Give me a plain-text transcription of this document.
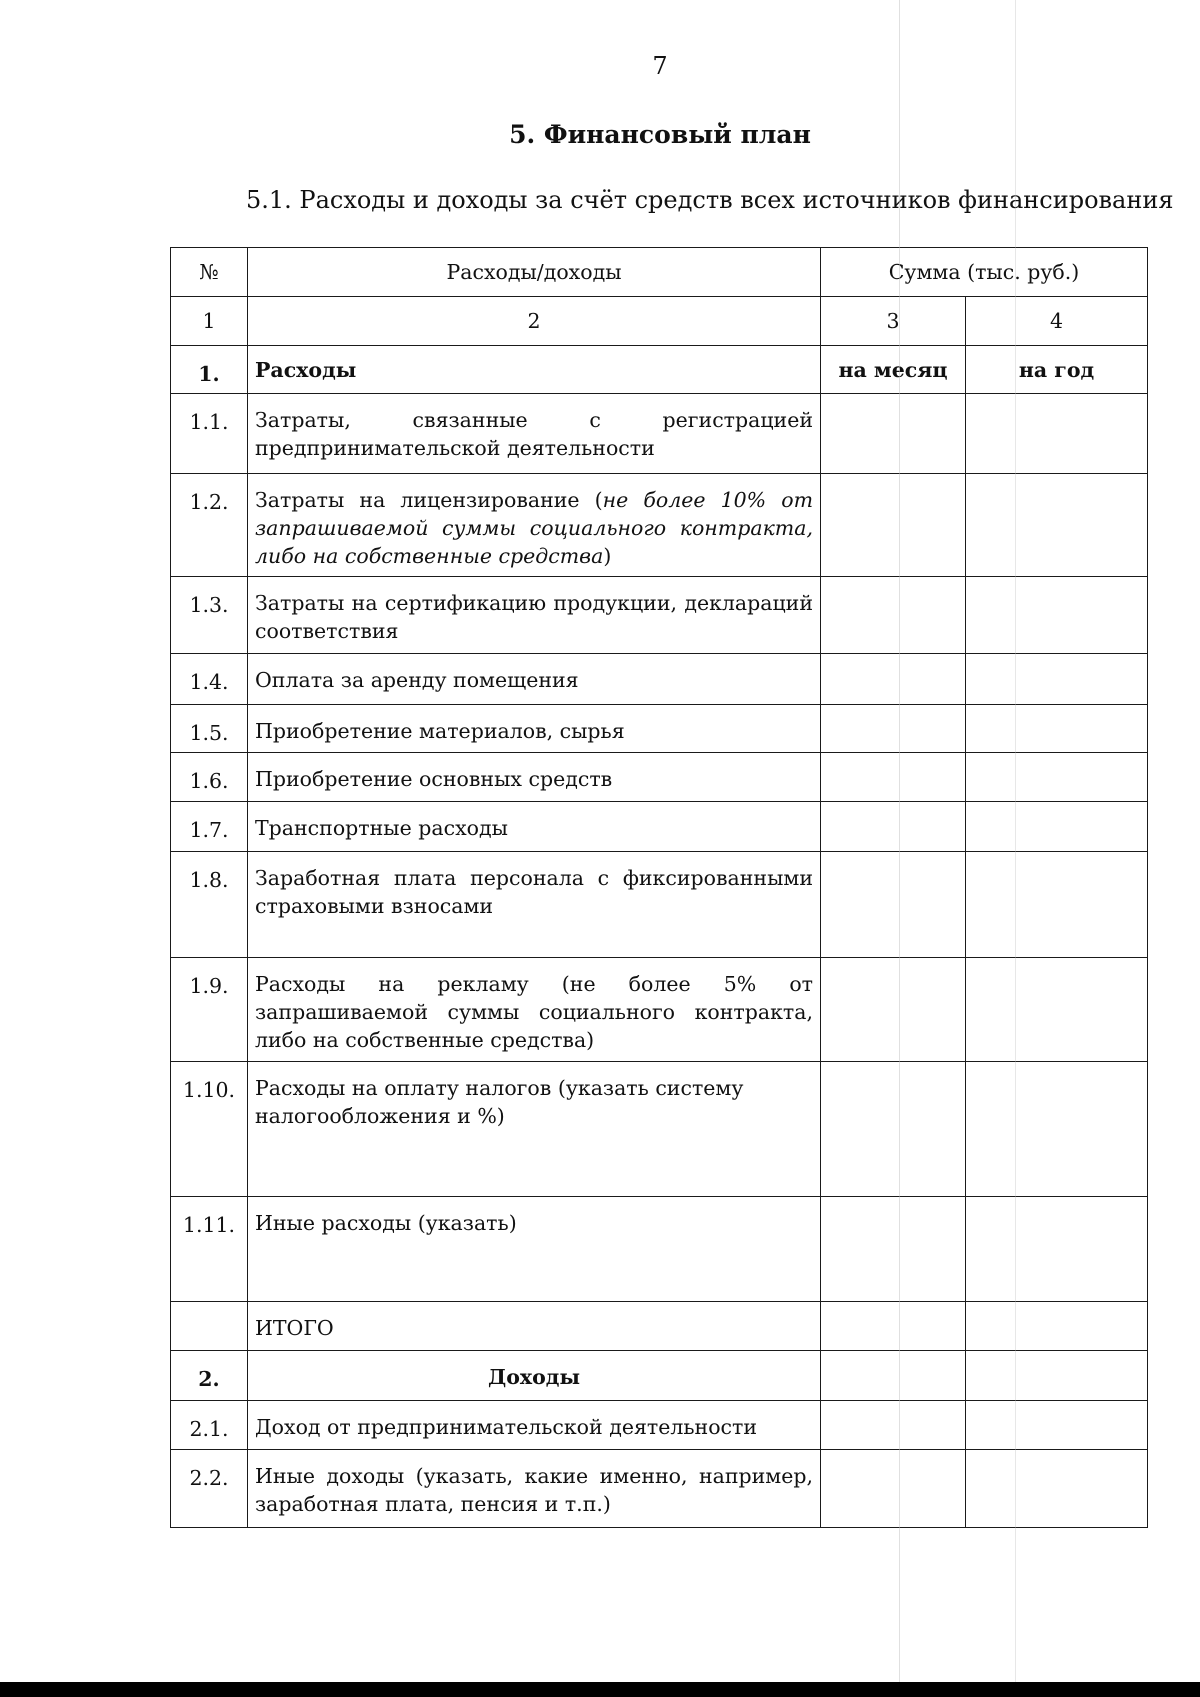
7
5. Финансовый план
5.1. Расходы и доходы за счёт средств всех источников финансирования
№	Расходы/доходы	Сумма (тыс. руб.)	
1	2	3	4
1.	Расходы	на месяц	на год
1.1.	Затраты, связанные с регистрацией предпринимательской деятельности		
1.2.	Затраты на лицензирование (не более 10% от запрашиваемой суммы социального контракта, либо на собственные средства)		
1.3.	Затраты на сертификацию продукции, деклараций соответствия		
1.4.	Оплата за аренду помещения		
1.5.	Приобретение материалов, сырья		
1.6.	Приобретение основных средств		
1.7.	Транспортные расходы		
1.8.	Заработная плата персонала с фиксированными страховыми взносами		
1.9.	Расходы на рекламу (не более 5% от запрашиваемой суммы социального контракта, либо на собственные средства)		
1.10.	Расходы на оплату налогов (указать систему налогообложения и %)		
1.11.	Иные расходы (указать)		
	ИТОГО		
2.	Доходы		
2.1.	Доход от предпринимательской деятельности		
2.2.	Иные доходы (указать, какие именно, например, заработная плата, пенсия и т.п.)		
